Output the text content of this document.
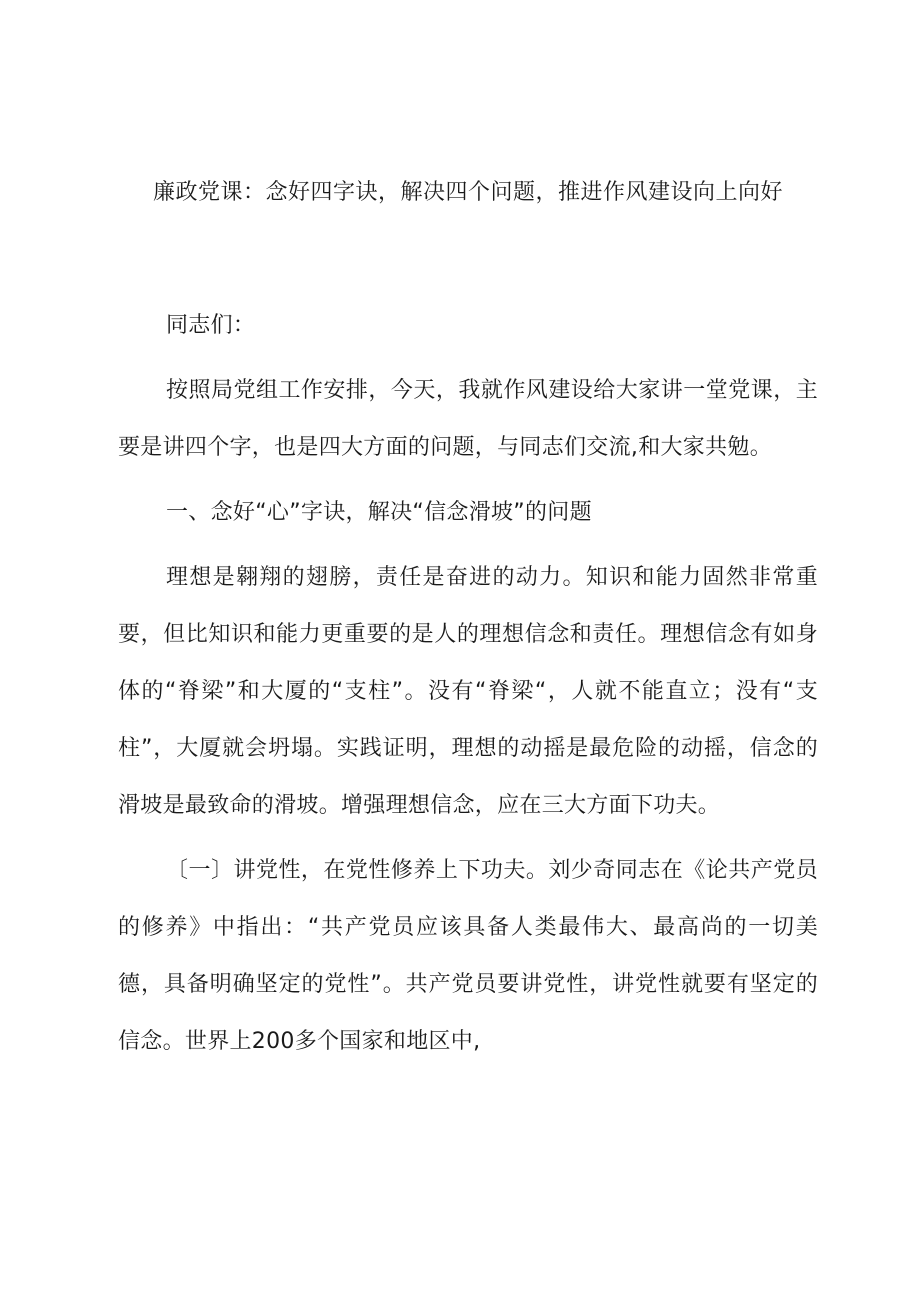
廉政党课：念好四字诀，解决四个问题，推进作风建设向上向好

同志们：

按照局党组工作安排，今天，我就作风建设给大家讲一堂党课，主要是讲四个字，也是四大方面的问题，与同志们交流,和大家共勉。

一、念好“心”字诀，解决“信念滑坡”的问题

理想是翱翔的翅膀，责任是奋进的动力。知识和能力固然非常重要，但比知识和能力更重要的是人的理想信念和责任。理想信念有如身体的“脊梁”和大厦的“支柱”。没有“脊梁“，人就不能直立；没有“支柱”，大厦就会坍塌。实践证明，理想的动摇是最危险的动摇，信念的滑坡是最致命的滑坡。增强理想信念，应在三大方面下功夫。

〔一〕讲党性，在党性修养上下功夫。刘少奇同志在《论共产党员的修养》中指出：“共产党员应该具备人类最伟大、最高尚的一切美德，具备明确坚定的党性”。共产党员要讲党性，讲党性就要有坚定的信念。世界上200多个国家和地区中,
